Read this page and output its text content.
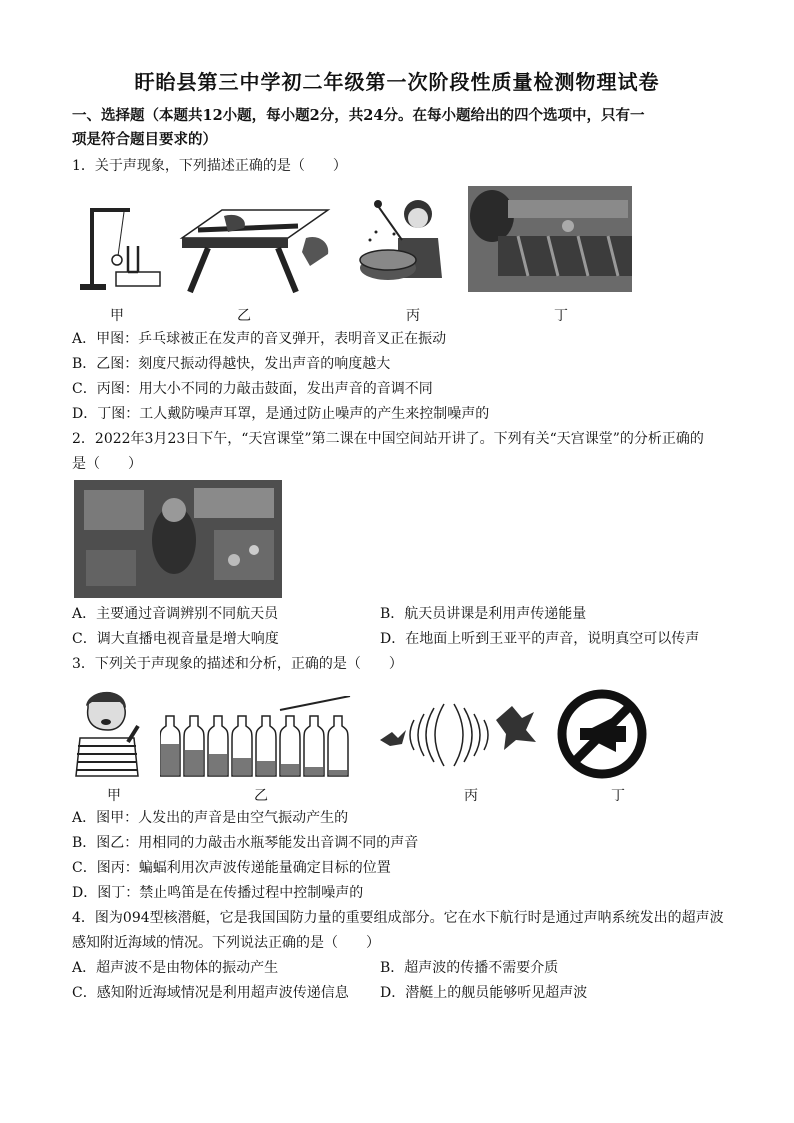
盱眙县第三中学初二年级第一次阶段性质量检测物理试卷
一、选择题（本题共12小题，每小题2分，共24分。在每小题给出的四个选项中，只有一
项是符合题目要求的）
1．关于声现象，下列描述正确的是（　　）
甲	乙	丙	丁
A．甲图：乒乓球被正在发声的音叉弹开，表明音叉正在振动
B．乙图：刻度尺振动得越快，发出声音的响度越大
C．丙图：用大小不同的力敲击鼓面，发出声音的音调不同
D．丁图：工人戴防噪声耳罩，是通过防止噪声的产生来控制噪声的
2．2022年3月23日下午，“天宫课堂”第二课在中国空间站开讲了。下列有关“天宫课堂”的分析正确的
是（　　）
A．主要通过音调辨别不同航天员	B．航天员讲课是利用声传递能量
C．调大直播电视音量是增大响度	D．在地面上听到王亚平的声音，说明真空可以传声
3．下列关于声现象的描述和分析，正确的是（　　）
甲	乙	丙	丁
A．图甲：人发出的声音是由空气振动产生的
B．图乙：用相同的力敲击水瓶琴能发出音调不同的声音
C．图丙：蝙蝠利用次声波传递能量确定目标的位置
D．图丁：禁止鸣笛是在传播过程中控制噪声的
4．图为094型核潜艇，它是我国国防力量的重要组成部分。它在水下航行时是通过声呐系统发出的超声波
感知附近海域的情况。下列说法正确的是（　　）
A．超声波不是由物体的振动产生	B．超声波的传播不需要介质
C．感知附近海域情况是利用超声波传递信息 D．潜艇上的舰员能够听见超声波
